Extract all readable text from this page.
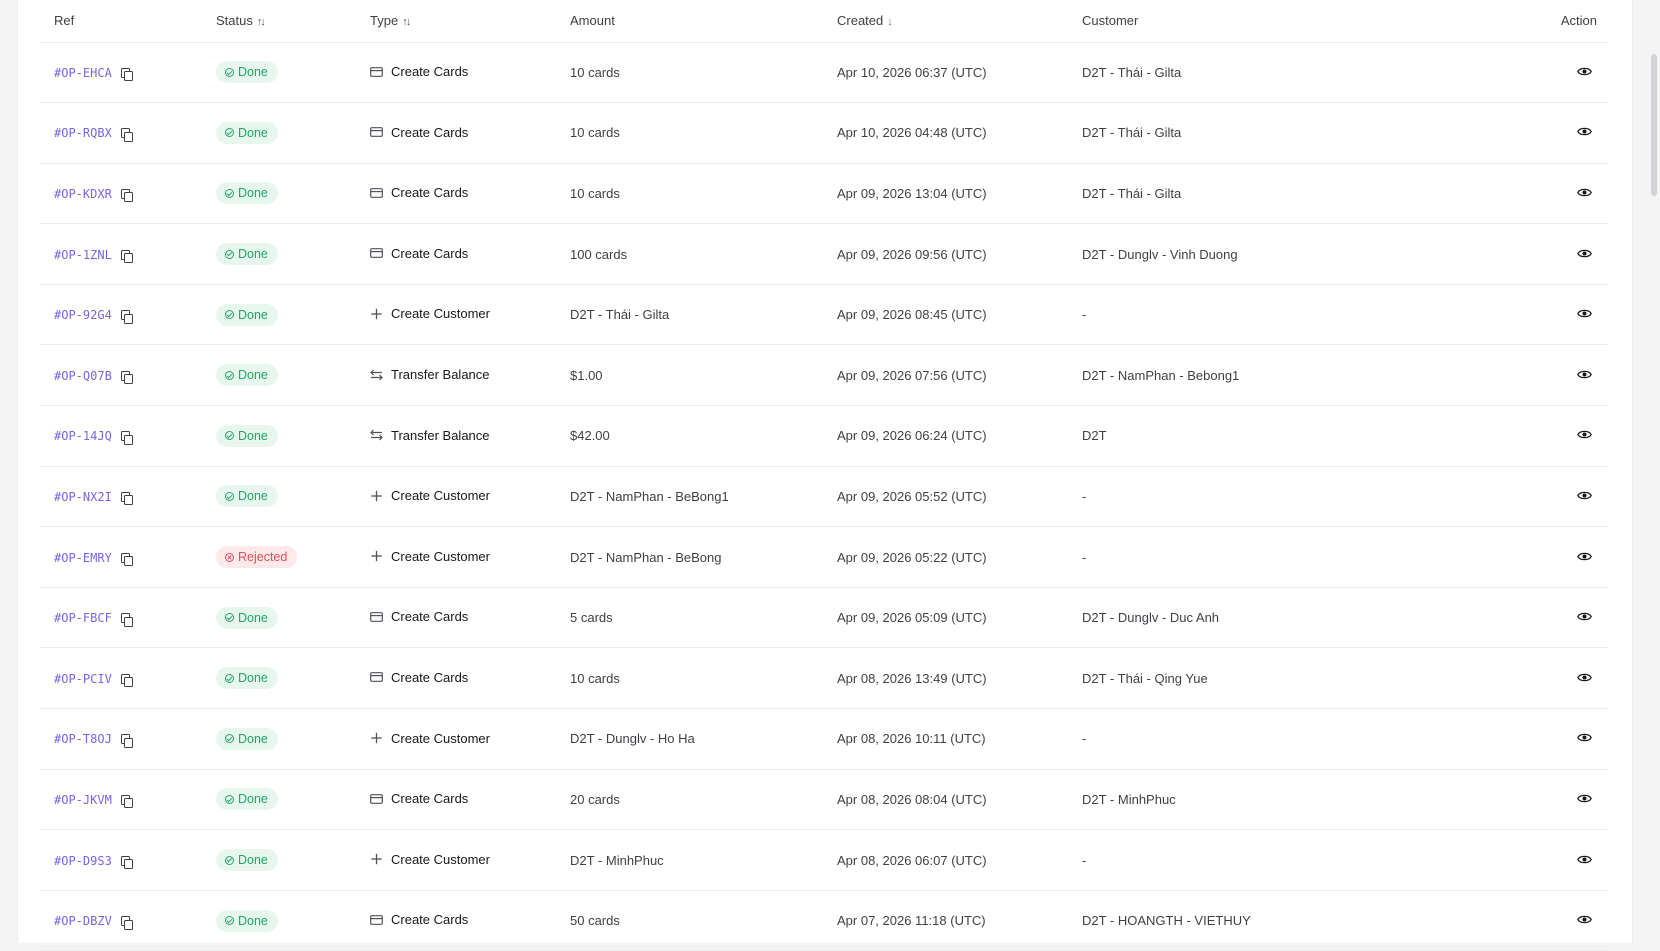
Ref	Status ↑↓	Type ↑↓	Amount	Created ↓	Customer	Action
#OP-EHCA	Done	Create Cards	10 cards	Apr 10, 2026 06:37 (UTC)	D2T - Thái - Gilta	
#OP-RQBX	Done	Create Cards	10 cards	Apr 10, 2026 04:48 (UTC)	D2T - Thái - Gilta	
#OP-KDXR	Done	Create Cards	10 cards	Apr 09, 2026 13:04 (UTC)	D2T - Thái - Gilta	
#OP-1ZNL	Done	Create Cards	100 cards	Apr 09, 2026 09:56 (UTC)	D2T - Dunglv - Vinh Duong	
#OP-92G4	Done	Create Customer	D2T - Thái - Gilta	Apr 09, 2026 08:45 (UTC)	-	
#OP-Q07B	Done	Transfer Balance	$1.00	Apr 09, 2026 07:56 (UTC)	D2T - NamPhan - Bebong1	
#OP-14JQ	Done	Transfer Balance	$42.00	Apr 09, 2026 06:24 (UTC)	D2T	
#OP-NX2I	Done	Create Customer	D2T - NamPhan - BeBong1	Apr 09, 2026 05:52 (UTC)	-	
#OP-EMRY	Rejected	Create Customer	D2T - NamPhan - BeBong	Apr 09, 2026 05:22 (UTC)	-	
#OP-FBCF	Done	Create Cards	5 cards	Apr 09, 2026 05:09 (UTC)	D2T - Dunglv - Duc Anh	
#OP-PCIV	Done	Create Cards	10 cards	Apr 08, 2026 13:49 (UTC)	D2T - Thái - Qing Yue	
#OP-T8OJ	Done	Create Customer	D2T - Dunglv - Ho Ha	Apr 08, 2026 10:11 (UTC)	-	
#OP-JKVM	Done	Create Cards	20 cards	Apr 08, 2026 08:04 (UTC)	D2T - MinhPhuc	
#OP-D9S3	Done	Create Customer	D2T - MinhPhuc	Apr 08, 2026 06:07 (UTC)	-	
#OP-DBZV	Done	Create Cards	50 cards	Apr 07, 2026 11:18 (UTC)	D2T - HOANGTH - VIETHUY	
